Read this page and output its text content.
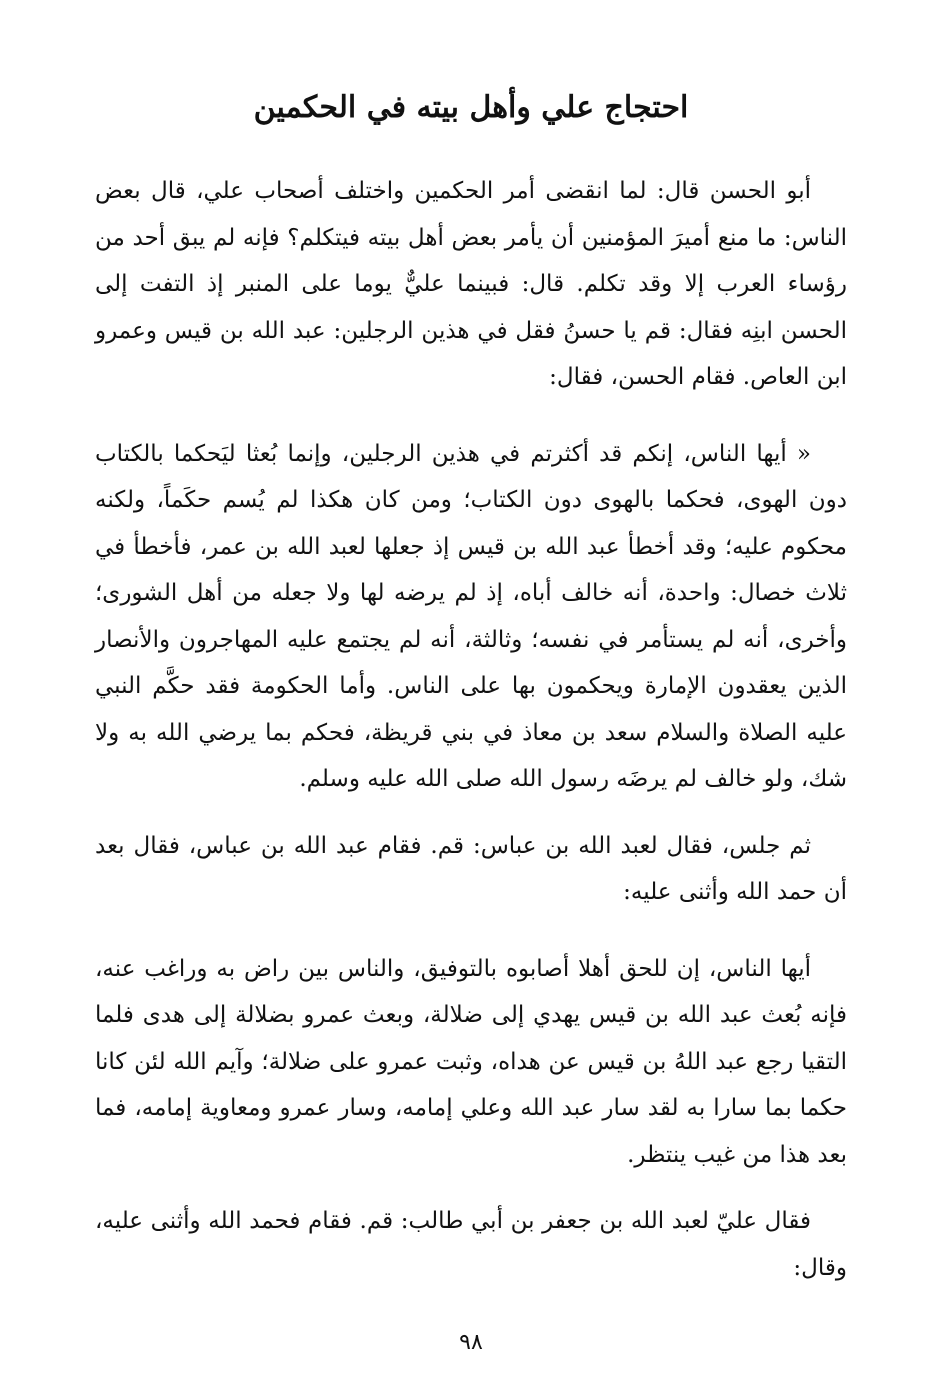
احتجاج علي وأهل بيته في الحكمين

أبو الحسن قال: لما انقضى أمر الحكمين واختلف أصحاب علي، قال بعض الناس: ما منع أميرَ المؤمنين أن يأمر بعض أهل بيته فيتكلم؟ فإنه لم يبق أحد من رؤساء العرب إلا وقد تكلم. قال: فبينما عليٌّ يوما على المنبر إذ التفت إلى الحسن ابنِه فقال: قم يا حسنُ فقل في هذين الرجلين: عبد الله بن قيس وعمرو ابن العاص. فقام الحسن، فقال:

« أيها الناس، إنكم قد أكثرتم في هذين الرجلين، وإنما بُعثا ليَحكما بالكتاب دون الهوى، فحكما بالهوى دون الكتاب؛ ومن كان هكذا لم يُسم حكَماً، ولكنه محكوم عليه؛ وقد أخطأ عبد الله بن قيس إذ جعلها لعبد الله بن عمر، فأخطأ في ثلاث خصال: واحدة، أنه خالف أباه، إذ لم يرضه لها ولا جعله من أهل الشورى؛ وأخرى، أنه لم يستأمر في نفسه؛ وثالثة، أنه لم يجتمع عليه المهاجرون والأنصار الذين يعقدون الإمارة ويحكمون بها على الناس. وأما الحكومة فقد حكَّم النبي عليه الصلاة والسلام سعد بن معاذ في بني قريظة، فحكم بما يرضي الله به ولا شك، ولو خالف لم يرضَه رسول الله صلى الله عليه وسلم.

ثم جلس، فقال لعبد الله بن عباس: قم. فقام عبد الله بن عباس، فقال بعد أن حمد الله وأثنى عليه:

أيها الناس، إن للحق أهلا أصابوه بالتوفيق، والناس بين راض به وراغب عنه، فإنه بُعث عبد الله بن قيس يهدي إلى ضلالة، وبعث عمرو بضلالة إلى هدى فلما التقيا رجع عبد اللهُ بن قيس عن هداه، وثبت عمرو على ضلالة؛ وآيم الله لئن كانا حكما بما سارا به لقد سار عبد الله وعلي إمامه، وسار عمرو ومعاوية إمامه، فما بعد هذا من غيب ينتظر.

فقال عليّ لعبد الله بن جعفر بن أبي طالب: قم. فقام فحمد الله وأثنى عليه، وقال:

٩٨
